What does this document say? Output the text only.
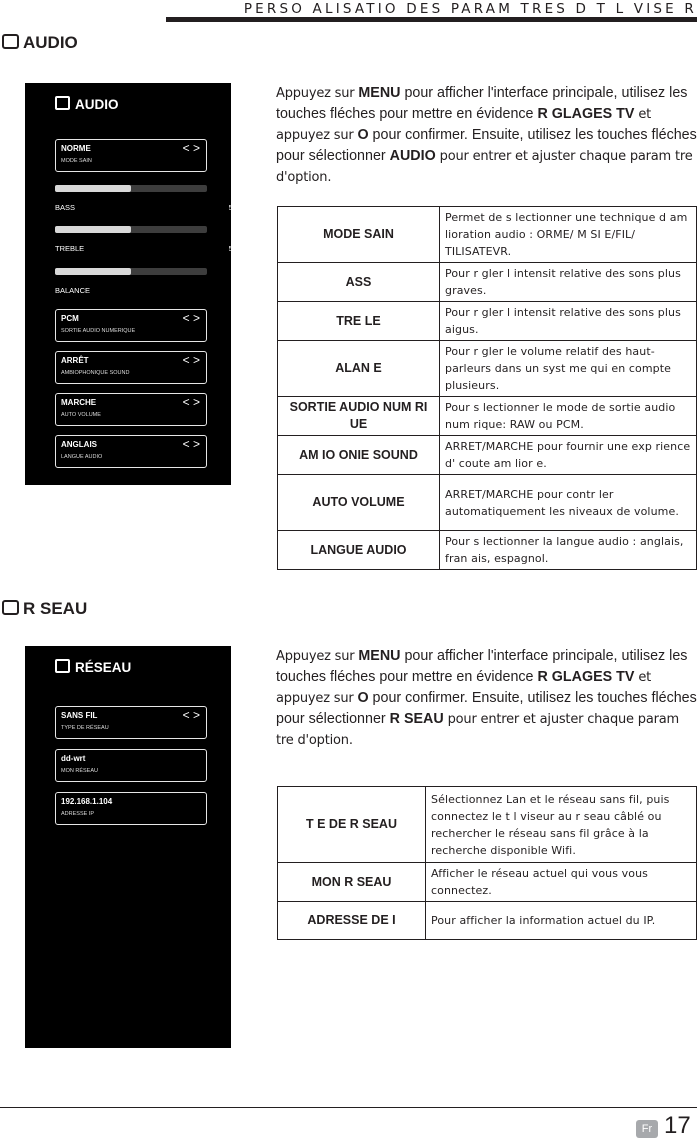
PERSO ALISATIO DES PARAM TRES D T L VISE R
AUDIO
AUDIO
NORME
MODE SAIN
< >
BASS	50
TREBLE	50
BALANCE	0
PCM
SORTIE AUDIO NUMERIQUE
< >
ARRÊT
AMBIOPHONIQUE SOUND
< >
MARCHE
AUTO VOLUME
< >
ANGLAIS
LANGUE AUDIO
< >
Appuyez sur MENU pour afficher l'interface principale, utilisez les touches fléches pour mettre en évidence R GLAGES TV et appuyez sur O pour confirmer. Ensuite, utilisez les touches fléches pour sélectionner AUDIO pour entrer et ajuster chaque param tre d'option.
MODE SAIN	Permet de s lectionner une technique d am lioration audio : ORME/ M SI E/FIL/ TILISATEVR.
ASS	Pour r gler l intensit relative des sons plus graves.
TRE LE	Pour r gler l intensit relative des sons plus aigus.
ALAN E	Pour r gler le volume relatif des haut-parleurs dans un syst me qui en compte plusieurs.
SORTIE AUDIO NUM RI UE	Pour s lectionner le mode de sortie audio num rique: RAW ou PCM.
AM IO ONIE SOUND	ARRET/MARCHE pour fournir une exp rience d' coute am lior e.
AUTO VOLUME	ARRET/MARCHE pour contr ler automatiquement les niveaux de volume.
LANGUE AUDIO	Pour s lectionner la langue audio : anglais, fran ais, espagnol.
R SEAU
RÉSEAU
SANS FIL
TYPE DE RÉSEAU
< >
dd-wrt
MON RÉSEAU
192.168.1.104
ADRESSE IP
Appuyez sur MENU pour afficher l'interface principale, utilisez les touches fléches pour mettre en évidence R GLAGES TV et appuyez sur O pour confirmer. Ensuite, utilisez les touches fléches pour sélectionner R SEAU pour entrer et ajuster chaque param tre d'option.
T E DE R SEAU	Sélectionnez Lan et le réseau sans fil, puis connectez le t l viseur au r seau câblé ou rechercher le réseau sans fil grâce à la recherche disponible Wifi.
MON R SEAU	Afficher le réseau actuel qui vous vous connectez.
ADRESSE DE I	Pour afficher la information actuel du IP.
Fr 17
